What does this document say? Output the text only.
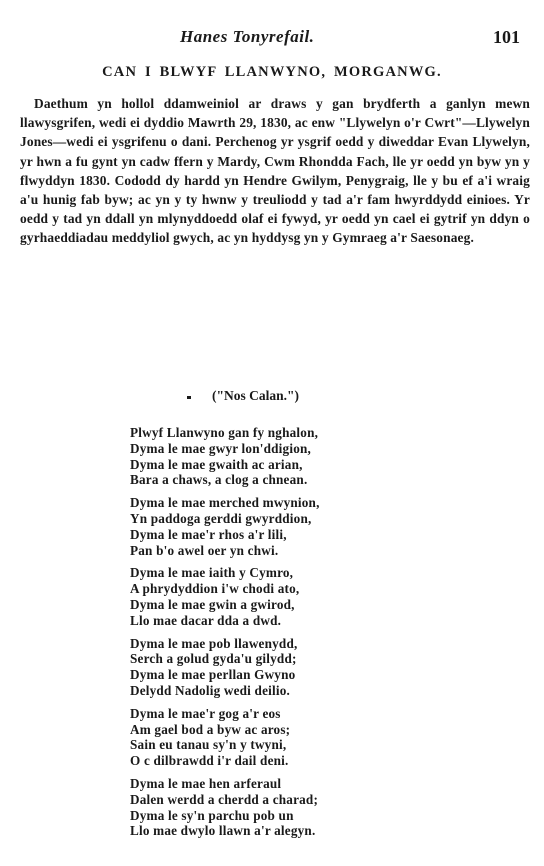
Hanes Tonyrefail.	101
CAN I BLWYF LLANWYNO, MORGANWG.

Daethum yn hollol ddamweiniol ar draws y gan brydferth a ganlyn mewn llawysgrifen, wedi ei dyddio Mawrth 29, 1830, ac enw "Llywelyn o'r Cwrt"—Llywelyn Jones—wedi ei ysgrifenu o dani. Perchenog yr ysgrif oedd y diweddar Evan Llywelyn, yr hwn a fu gynt yn cadw ffern y Mardy, Cwm Rhondda Fach, lle yr oedd yn byw yn y flwyddyn 1830. Cododd dy hardd yn Hendre Gwilym, Penygraig, lle y bu ef a'i wraig a'u hunig fab byw; ac yn y ty hwnw y treuliodd y tad a'r fam hwyrddydd einioes. Yr oedd y tad yn ddall yn mlynyddoedd olaf ei fywyd, yr oedd yn cael ei gytrif yn ddyn o gyrhaeddiadau meddyliol gwych, ac yn hyddysg yn y Gymraeg a'r Saesonaeg.

("Nos Calan.")
Plwyf Llanwyno gan fy nghalon,
Dyma le mae gwyr lon'ddigion,
Dyma le mae gwaith ac arian,
Bara a chaws, a clog a chnean.
Dyma le mae merched mwynion,
Yn paddoga gerddi gwyrddion,
Dyma le mae'r rhos a'r lili,
Pan b'o awel oer yn chwi.
Dyma le mae iaith y Cymro,
A phrydyddion i'w chodi ato,
Dyma le mae gwin a gwirod,
Llo mae dacar dda a dwd.
Dyma le mae pob llawenydd,
Serch a golud gyda'u gilydd;
Dyma le mae perllan Gwyno
Delydd Nadolig wedi deilio.
Dyma le mae'r gog a'r eos
Am gael bod a byw ac aros;
Sain eu tanau sy'n y twyni,
O c dilbrawdd i'r dail deni.
Dyma le mae hen arferaul
Dalen werdd a cherdd a charad;
Dyma le sy'n parchu pob un
Llo mae dwylo llawn a'r alegyn.
